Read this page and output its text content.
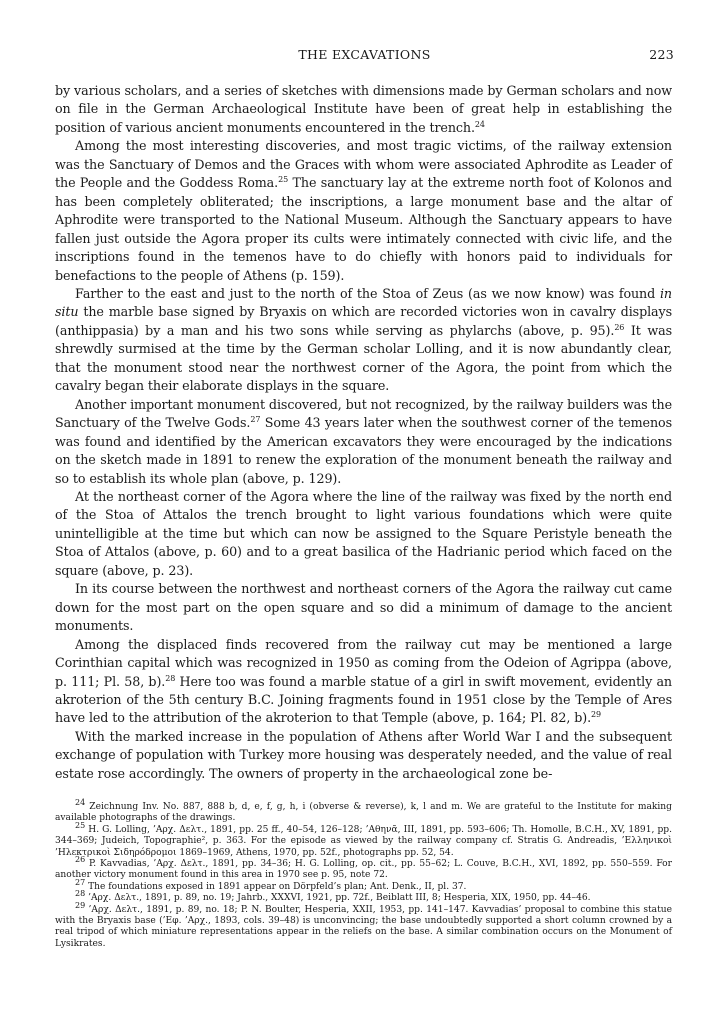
THE EXCAVATIONS	223

by various scholars, and a series of sketches with dimensions made by German scholars and now on file in the German Archaeological Institute have been of great help in establishing the position of various ancient monuments encountered in the trench.$^{24}$

Among the most interesting discoveries, and most tragic victims, of the railway extension was the Sanctuary of Demos and the Graces with whom were associated Aphrodite as Leader of the People and the Goddess Roma.$^{25}$ The sanctuary lay at the extreme north foot of Kolonos and has been completely obliterated; the inscriptions, a large monument base and the altar of Aphrodite were transported to the National Museum. Although the Sanctuary appears to have fallen just outside the Agora proper its cults were intimately connected with civic life, and the inscriptions found in the temenos have to do chiefly with honors paid to individuals for benefactions to the people of Athens (p. 159).

Farther to the east and just to the north of the Stoa of Zeus (as we now know) was found in situ the marble base signed by Bryaxis on which are recorded victories won in cavalry displays (anthippasia) by a man and his two sons while serving as phylarchs (above, p. 95).$^{26}$ It was shrewdly surmised at the time by the German scholar Lolling, and it is now abundantly clear, that the monument stood near the northwest corner of the Agora, the point from which the cavalry began their elaborate displays in the square.

Another important monument discovered, but not recognized, by the railway builders was the Sanctuary of the Twelve Gods.$^{27}$ Some 43 years later when the southwest corner of the temenos was found and identified by the American excavators they were encouraged by the indications on the sketch made in 1891 to renew the exploration of the monument beneath the railway and so to establish its whole plan (above, p. 129).

At the northeast corner of the Agora where the line of the railway was fixed by the north end of the Stoa of Attalos the trench brought to light various foundations which were quite unintelligible at the time but which can now be assigned to the Square Peristyle beneath the Stoa of Attalos (above, p. 60) and to a great basilica of the Hadrianic period which faced on the square (above, p. 23).

In its course between the northwest and northeast corners of the Agora the railway cut came down for the most part on the open square and so did a minimum of damage to the ancient monuments.

Among the displaced finds recovered from the railway cut may be mentioned a large Corinthian capital which was recognized in 1950 as coming from the Odeion of Agrippa (above, p. 111; Pl. 58, b).$^{28}$ Here too was found a marble statue of a girl in swift movement, evidently an akroterion of the 5th century B.C. Joining fragments found in 1951 close by the Temple of Ares have led to the attribution of the akroterion to that Temple (above, p. 164; Pl. 82, b).$^{29}$

With the marked increase in the population of Athens after World War I and the subsequent exchange of population with Turkey more housing was desperately needed, and the value of real estate rose accordingly. The owners of property in the archaeological zone be-

$^{24}$ Zeichnung Inv. No. 887, 888 b, d, e, f, g, h, i (obverse & reverse), k, l and m. We are grateful to the Institute for making available photographs of the drawings.

$^{25}$ H. G. Lolling, ’Αρχ. Δελτ., 1891, pp. 25 ff., 40–54, 126–128; ’Αθηνᾶ, III, 1891, pp. 593–606; Th. Homolle, B.C.H., XV, 1891, pp. 344–369; Judeich, Topographie², p. 363. For the episode as viewed by the railway company cf. Stratis G. Andreadis, ’Ελληνικοὶ ’Ηλεκτρικοὶ Σιδηρόδρομοι 1869–1969, Athens, 1970, pp. 52f., photographs pp. 52, 54.

$^{26}$ P. Kavvadias, ’Αρχ. Δελτ., 1891, pp. 34–36; H. G. Lolling, op. cit., pp. 55–62; L. Couve, B.C.H., XVI, 1892, pp. 550–559. For another victory monument found in this area in 1970 see p. 95, note 72.

$^{27}$ The foundations exposed in 1891 appear on Dörpfeld’s plan; Ant. Denk., II, pl. 37.

$^{28}$ ’Αρχ. Δελτ., 1891, p. 89, no. 19; Jahrb., XXXVI, 1921, pp. 72f., Beiblatt III, 8; Hesperia, XIX, 1950, pp. 44–46.

$^{29}$ ’Αρχ. Δελτ., 1891, p. 89, no. 18; P. N. Boulter, Hesperia, XXII, 1953, pp. 141–147. Kavvadias’ proposal to combine this statue with the Bryaxis base (’Εφ. ’Αρχ., 1893, cols. 39–48) is unconvincing; the base undoubtedly supported a short column crowned by a real tripod of which miniature representations appear in the reliefs on the base. A similar combination occurs on the Monument of Lysikrates.
